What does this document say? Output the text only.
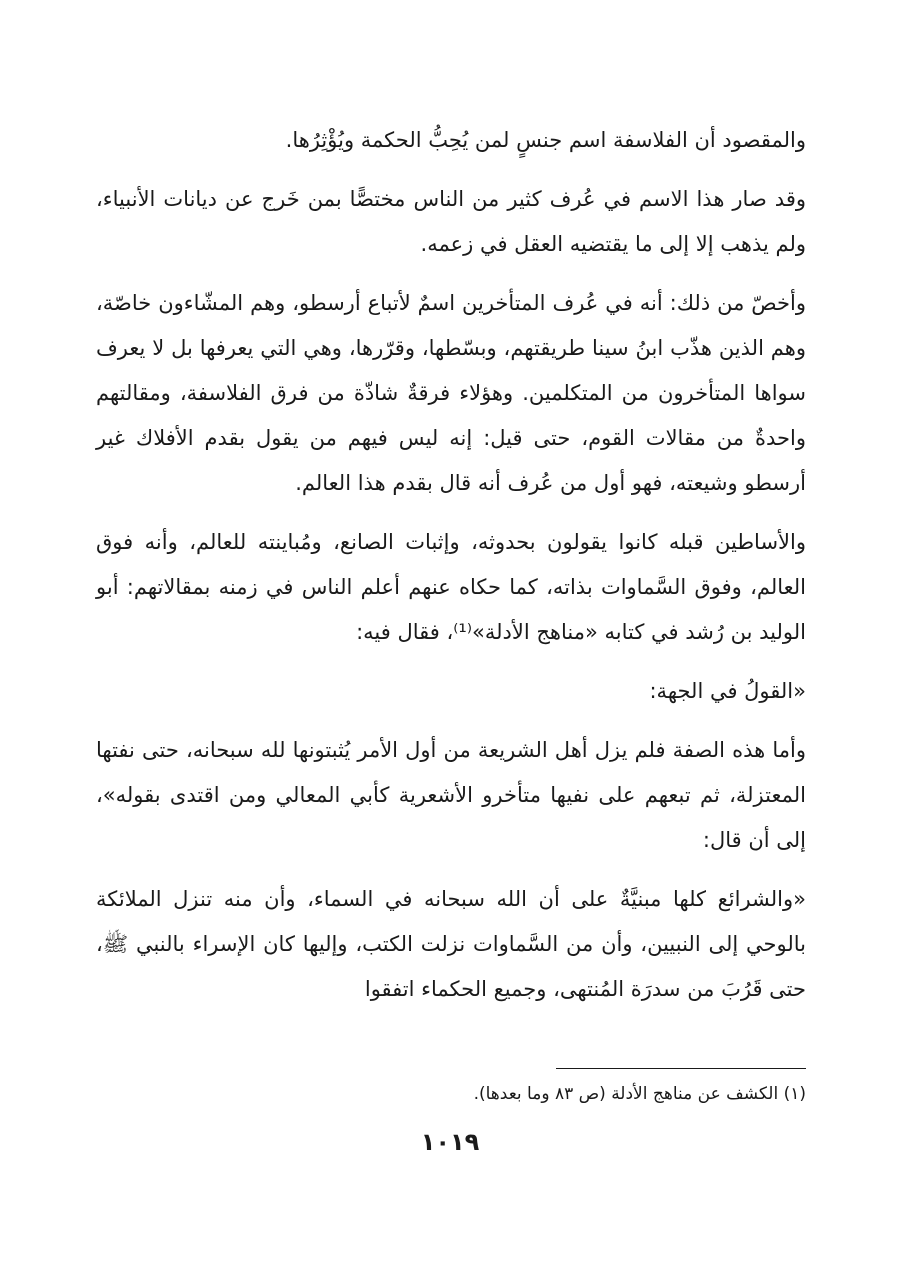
والمقصود أن الفلاسفة اسم جنسٍ لمن يُحِبُّ الحكمة ويُؤْثِرُها.

وقد صار هذا الاسم في عُرف كثير من الناس مختصًّا بمن خَرج عن ديانات الأنبياء، ولم يذهب إلا إلى ما يقتضيه العقل في زعمه.

وأخصّ من ذلك: أنه في عُرف المتأخرين اسمٌ لأتباع أرسطو، وهم المشّاءون خاصّة، وهم الذين هذّب ابنُ سينا طريقتهم، وبسّطها، وقرّرها، وهي التي يعرفها بل لا يعرف سواها المتأخرون من المتكلمين. وهؤلاء فرقةٌ شاذّة من فرق الفلاسفة، ومقالتهم واحدةٌ من مقالات القوم، حتى قيل: إنه ليس فيهم من يقول بقدم الأفلاك غير أرسطو وشيعته، فهو أول من عُرف أنه قال بقدم هذا العالم.

والأساطين قبله كانوا يقولون بحدوثه، وإثبات الصانع، ومُباينته للعالم، وأنه فوق العالم، وفوق السَّماوات بذاته، كما حكاه عنهم أعلم الناس في زمنه بمقالاتهم: أبو الوليد بن رُشد في كتابه «مناهج الأدلة»⁽¹⁾، فقال فيه:

«القولُ في الجهة:

وأما هذه الصفة فلم يزل أهل الشريعة من أول الأمر يُثبتونها لله سبحانه، حتى نفتها المعتزلة، ثم تبعهم على نفيها متأخرو الأشعرية كأبي المعالي ومن اقتدى بقوله»، إلى أن قال:

«والشرائع كلها مبنيَّةٌ على أن الله سبحانه في السماء، وأن منه تنزل الملائكة بالوحي إلى النبيين، وأن من السَّماوات نزلت الكتب، وإليها كان الإسراء بالنبي ﷺ، حتى قَرُبَ من سدرَة المُنتهى، وجميع الحكماء اتفقوا

(١) الكشف عن مناهج الأدلة (ص ٨٣ وما بعدها).
١٠١٩
